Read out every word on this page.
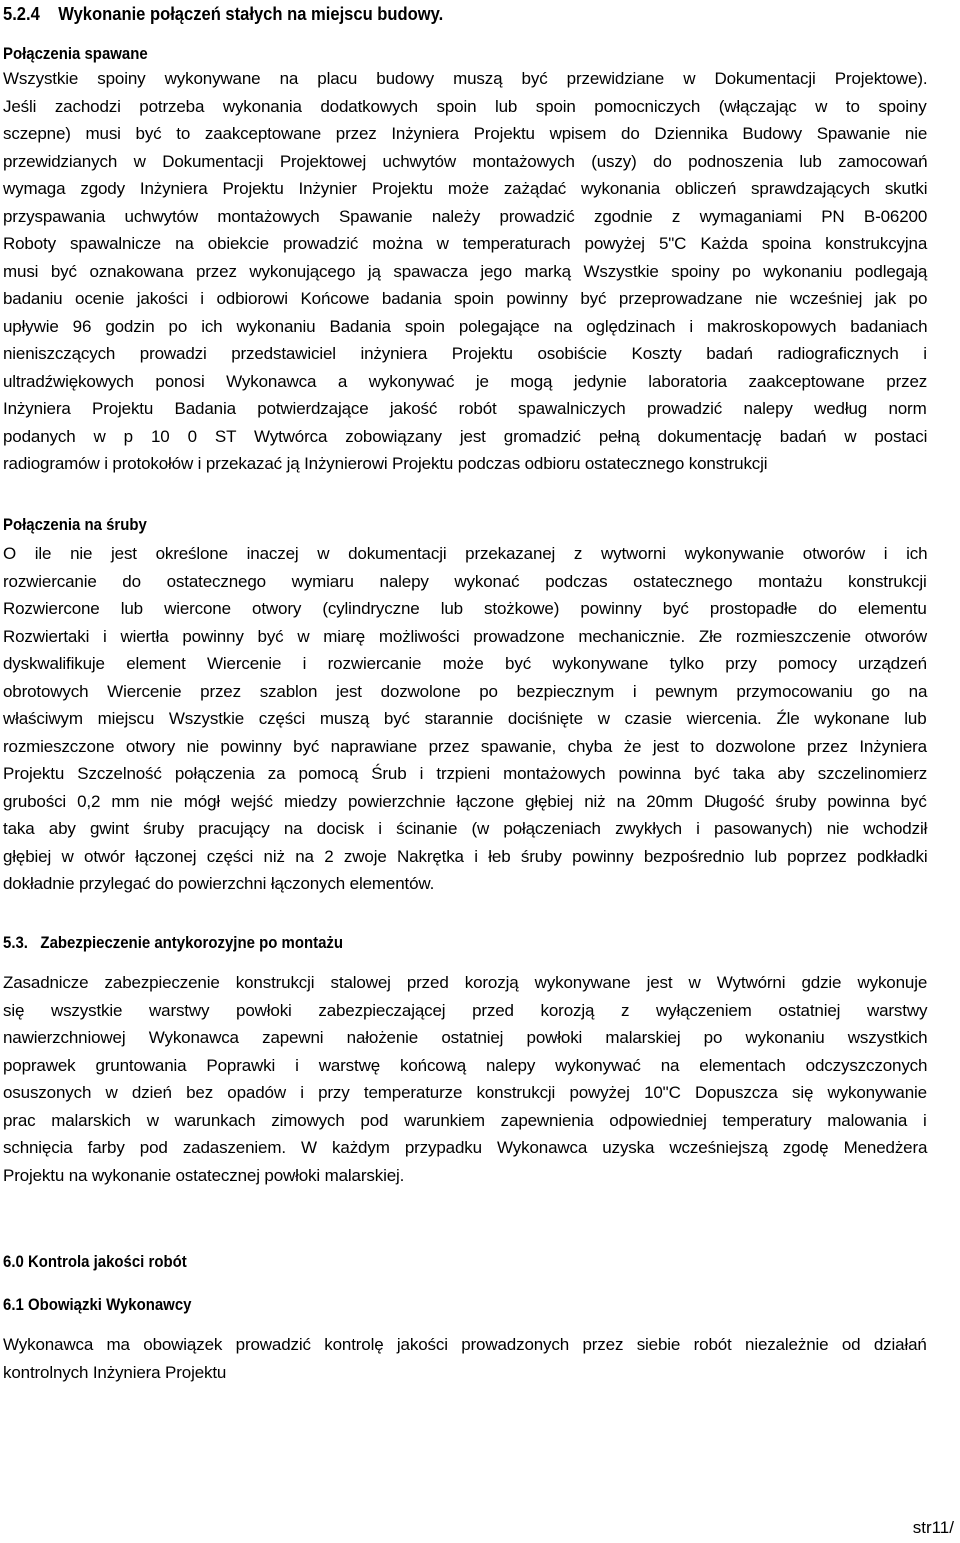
5.2.4 Wykonanie połączeń stałych na miejscu budowy.
Połączenia spawane
Wszystkie spoiny wykonywane na placu budowy muszą być przewidziane w Dokumentacji Projektowe).
Jeśli zachodzi potrzeba wykonania dodatkowych spoin lub spoin pomocniczych (włączając w to spoiny
sczepne) musi być to zaakceptowane przez Inżyniera Projektu wpisem do Dziennika Budowy Spawanie nie
przewidzianych w Dokumentacji Projektowej uchwytów montażowych (uszy) do podnoszenia lub zamocowań
wymaga zgody Inżyniera Projektu Inżynier Projektu może zażądać wykonania obliczeń sprawdzających skutki
przyspawania uchwytów montażowych Spawanie należy prowadzić zgodnie z wymaganiami PN B-06200
Roboty spawalnicze na obiekcie prowadzić można w temperaturach powyżej 5"C Każda spoina konstrukcyjna
musi być oznakowana przez wykonującego ją spawacza jego marką Wszystkie spoiny po wykonaniu podlegają
badaniu ocenie jakości i odbiorowi Końcowe badania spoin powinny być przeprowadzane nie wcześniej jak po
upływie 96 godzin po ich wykonaniu Badania spoin polegające na oględzinach i makroskopowych badaniach
nieniszczących prowadzi przedstawiciel inżyniera Projektu osobiście Koszty badań radiograficznych i
ultradźwiękowych ponosi Wykonawca a wykonywać je mogą jedynie laboratoria zaakceptowane przez
Inżyniera Projektu Badania potwierdzające jakość robót spawalniczych prowadzić nalepy według norm
podanych w p 10 0 ST Wytwórca zobowiązany jest gromadzić pełną dokumentację badań w postaci
radiogramów i protokołów i przekazać ją Inżynierowi Projektu podczas odbioru ostatecznego konstrukcji
Połączenia na śruby
O ile nie jest określone inaczej w dokumentacji przekazanej z wytworni wykonywanie otworów i ich
rozwiercanie do ostatecznego wymiaru nalepy wykonać podczas ostatecznego montażu konstrukcji
Rozwiercone lub wiercone otwory (cylindryczne lub stożkowe) powinny być prostopadłe do elementu
Rozwiertaki i wiertła powinny być w miarę możliwości prowadzone mechanicznie. Złe rozmieszczenie otworów
dyskwalifikuje element Wiercenie i rozwiercanie może być wykonywane tylko przy pomocy urządzeń
obrotowych Wiercenie przez szablon jest dozwolone po bezpiecznym i pewnym przymocowaniu go na
właściwym miejscu Wszystkie części muszą być starannie dociśnięte w czasie wiercenia. Źle wykonane lub
rozmieszczone otwory nie powinny być naprawiane przez spawanie, chyba że jest to dozwolone przez Inżyniera
Projektu Szczelność połączenia za pomocą Śrub i trzpieni montażowych powinna być taka aby szczelinomierz
grubości 0,2 mm nie mógł wejść miedzy powierzchnie łączone głębiej niż na 20mm Długość śruby powinna być
taka aby gwint śruby pracujący na docisk i ścinanie (w połączeniach zwykłych i pasowanych) nie wchodził
głębiej w otwór łączonej części niż na 2 zwoje Nakrętka i łeb śruby powinny bezpośrednio lub poprzez podkładki
dokładnie przylegać do powierzchni łączonych elementów.
5.3. Zabezpieczenie antykorozyjne po montażu
Zasadnicze zabezpieczenie konstrukcji stalowej przed korozją wykonywane jest w Wytwórni gdzie wykonuje
się wszystkie warstwy powłoki zabezpieczającej przed korozją z wyłączeniem ostatniej warstwy
nawierzchniowej Wykonawca zapewni nałożenie ostatniej powłoki malarskiej po wykonaniu wszystkich
poprawek gruntowania Poprawki i warstwę końcową nalepy wykonywać na elementach odczyszczonych
osuszonych w dzień bez opadów i przy temperaturze konstrukcji powyżej 10"C Dopuszcza się wykonywanie
prac malarskich w warunkach zimowych pod warunkiem zapewnienia odpowiedniej temperatury malowania i
schnięcia farby pod zadaszeniem. W każdym przypadku Wykonawca uzyska wcześniejszą zgodę Menedżera
Projektu na wykonanie ostatecznej powłoki malarskiej.
6.0 Kontrola jakości robót
6.1 Obowiązki Wykonawcy
Wykonawca ma obowiązek prowadzić kontrolę jakości prowadzonych przez siebie robót niezależnie od działań
kontrolnych Inżyniera Projektu
str11/
